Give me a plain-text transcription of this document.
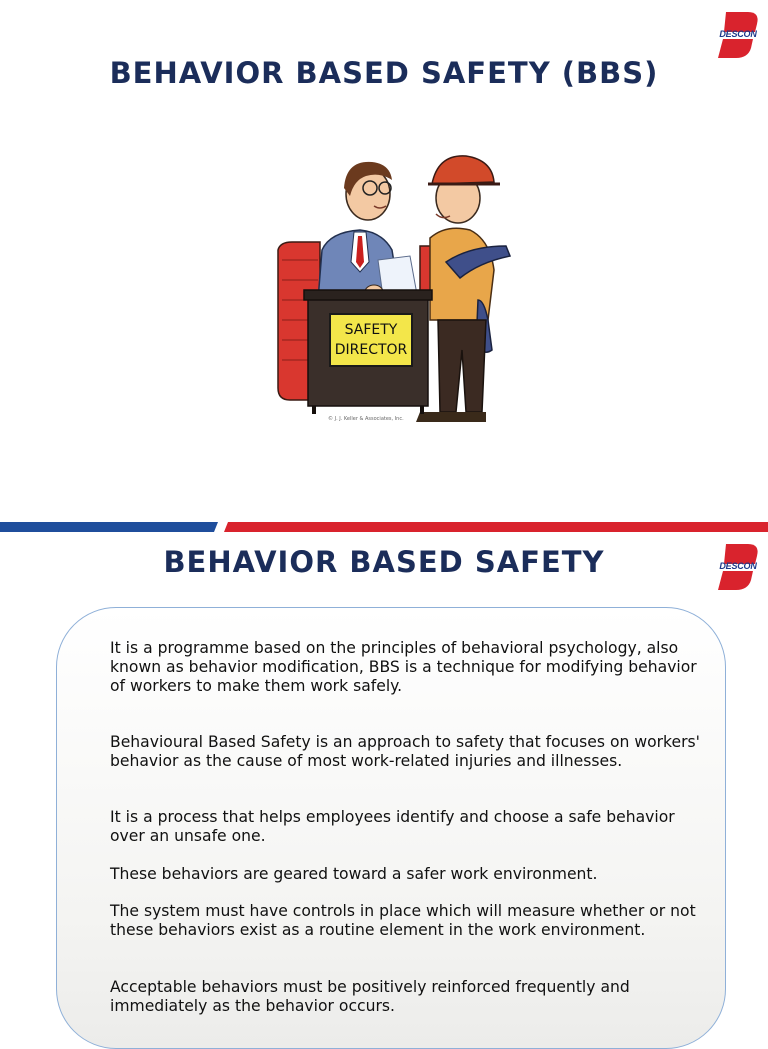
DESCON
BEHAVIOR BASED SAFETY (BBS)
SAFETY
DIRECTOR
© J. J. Keller & Associates, Inc.
DESCON
BEHAVIOR BASED SAFETY

It is a programme based on the principles of behavioral psychology, also known as behavior modification, BBS is a technique for modifying behavior of workers to make them work safely.

Behavioural Based Safety is an approach to safety that focuses on workers' behavior as the cause of most work-related injuries and illnesses.

It is a process that helps employees identify and choose a safe behavior over an unsafe one.

These behaviors are geared toward a safer work environment.

The system must have controls in place which will measure whether or not these behaviors exist as a routine element in the work environment.

Acceptable behaviors must be positively reinforced frequently and immediately as the behavior occurs.
